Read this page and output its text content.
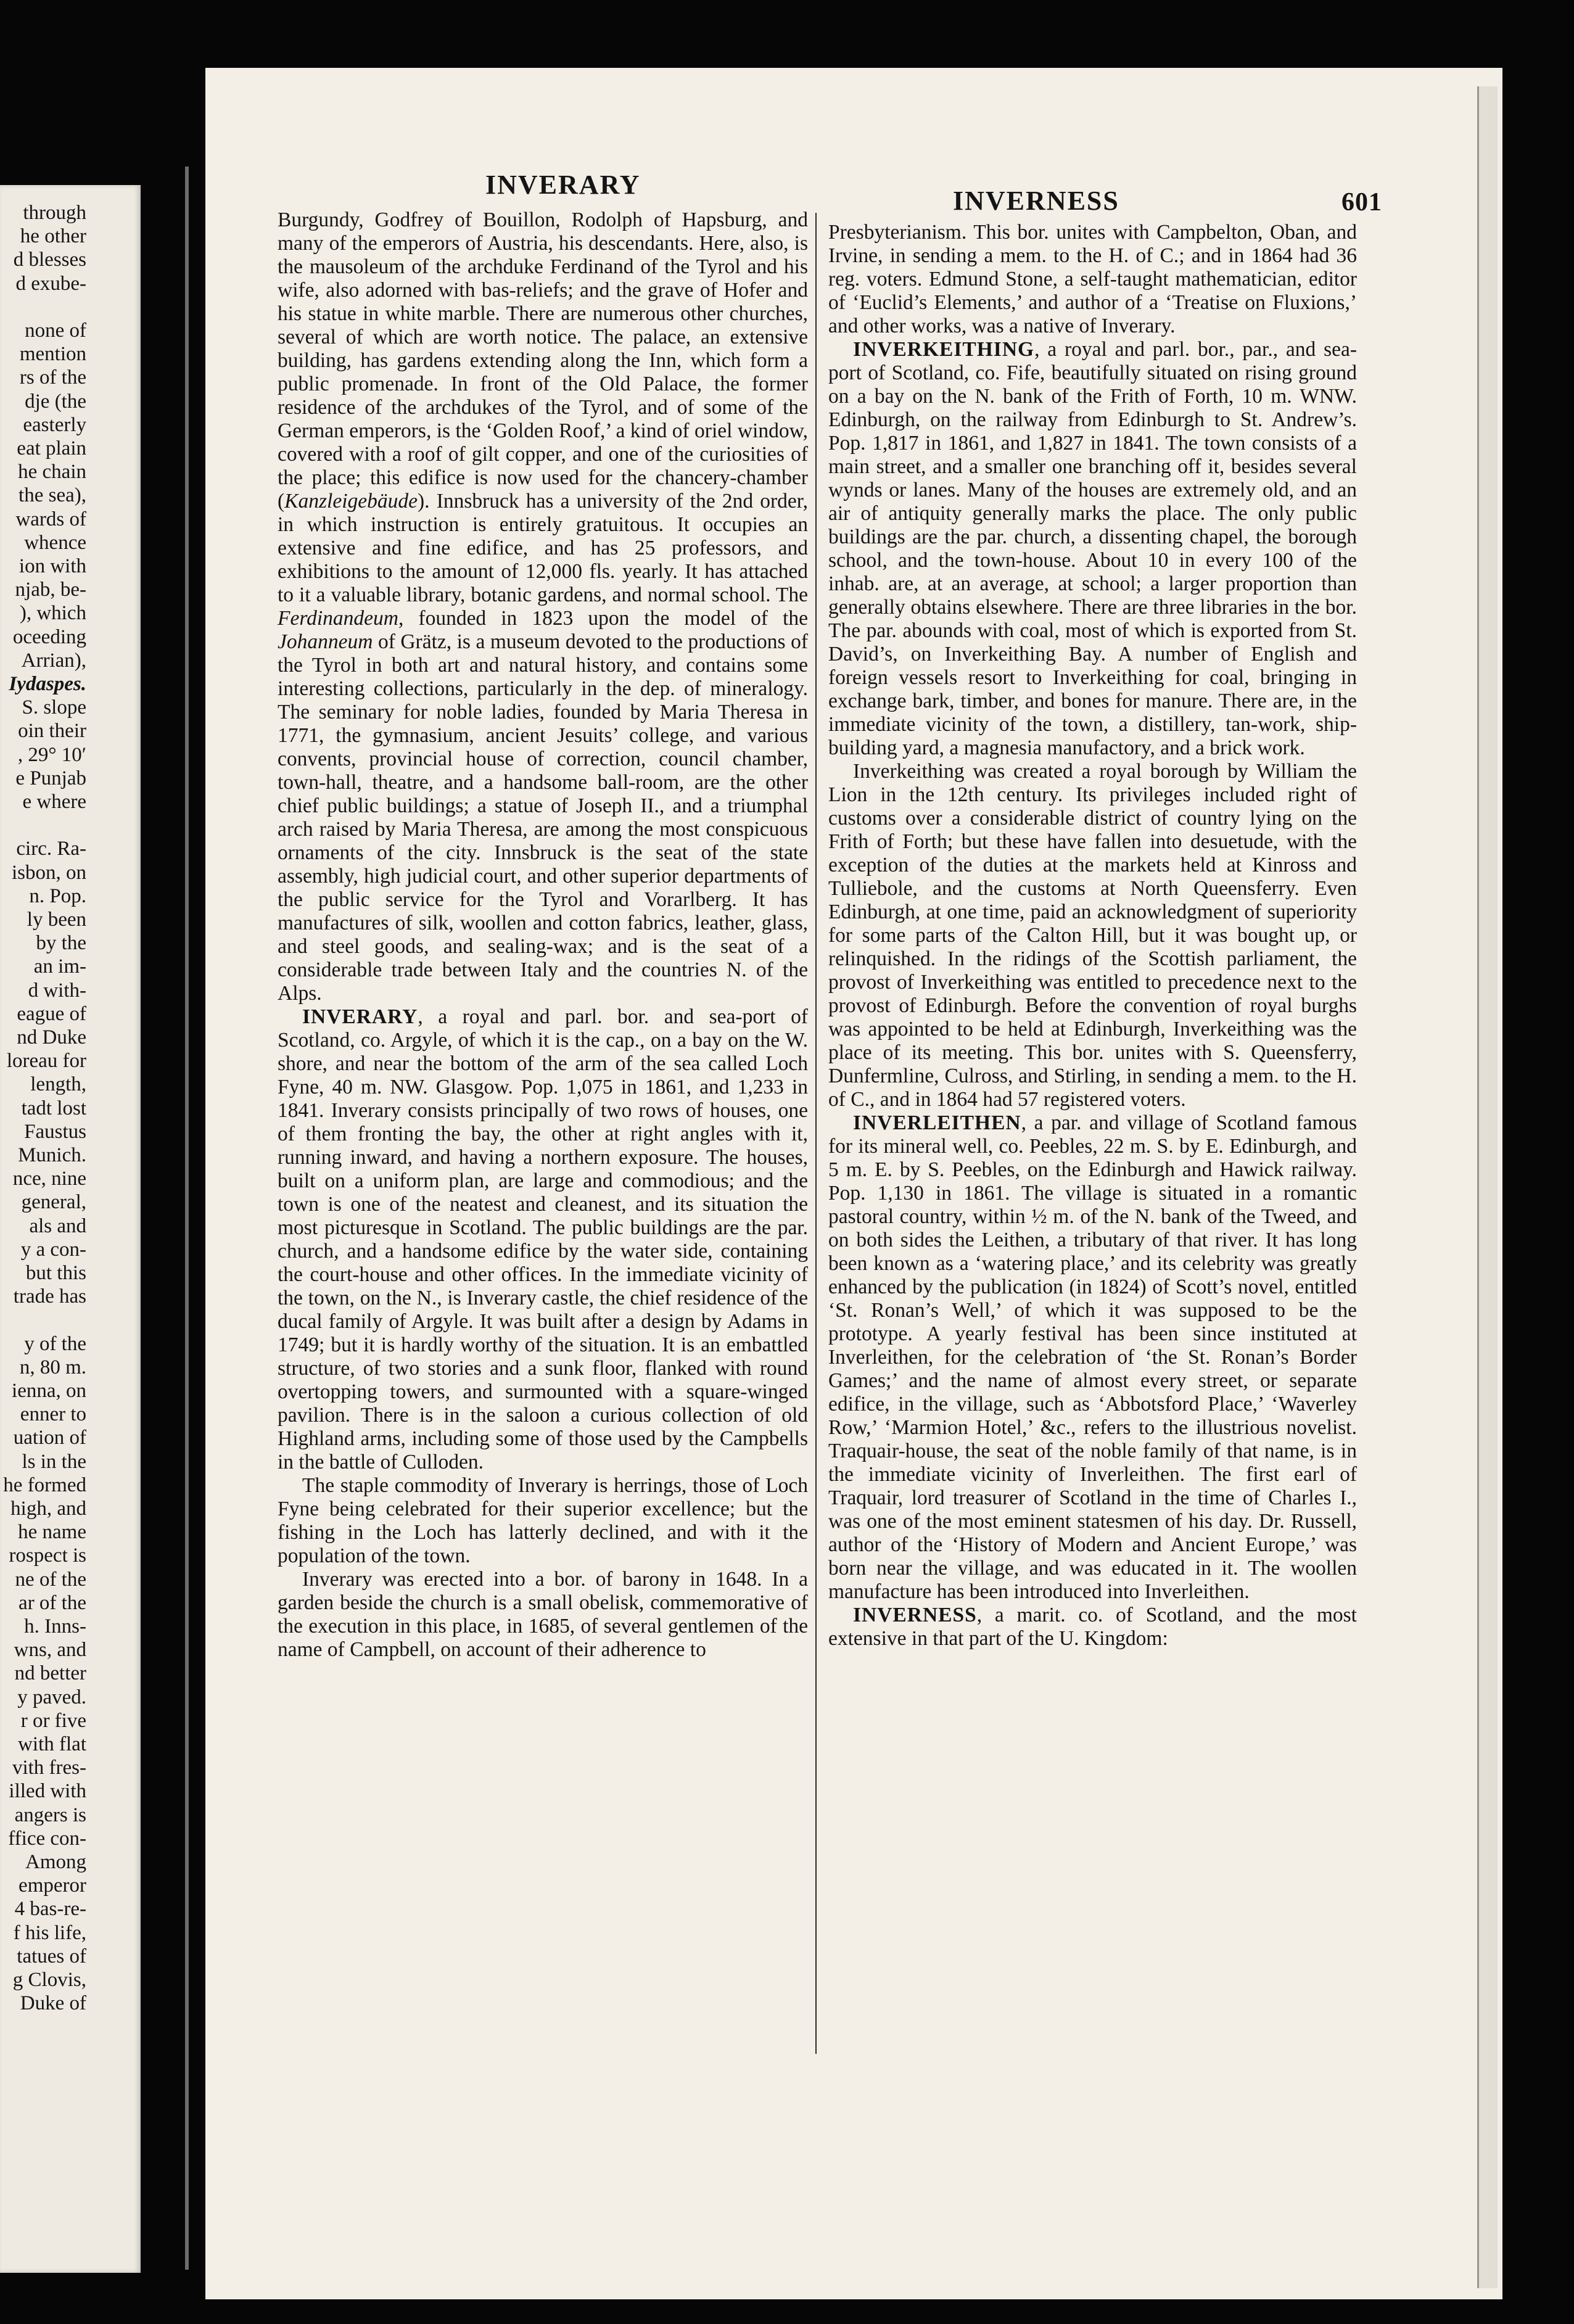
through
he other
d blesses
d exube-
none of
mention
rs of the
dje (the
easterly
eat plain
he chain
the sea),
wards of
whence
ion with
njab, be-
), which
oceeding
Arrian),
Iydaspes.
S. slope
oin their
, 29° 10′
e Punjab
e where
circ. Ra-
isbon, on
n. Pop.
ly been
by the
an im-
d with-
eague of
nd Duke
loreau for
length,
tadt lost
Faustus
Munich.
nce, nine
general,
als and
y a con-
but this
trade has
y of the
n, 80 m.
ienna, on
enner to
uation of
ls in the
he formed
high, and
he name
rospect is
ne of the
ar of the
h. Inns-
wns, and
nd better
y paved.
r or five
with flat
vith fres-
illed with
angers is
ffice con-
Among
emperor
4 bas-re-
f his life,
tatues of
g Clovis,
Duke of
INVERARY
INVERNESS	601

Burgundy, Godfrey of Bouillon, Rodolph of Hapsburg, and many of the emperors of Austria, his descendants. Here, also, is the mausoleum of the archduke Ferdinand of the Tyrol and his wife, also adorned with bas-reliefs; and the grave of Hofer and his statue in white marble. There are numerous other churches, several of which are worth notice. The palace, an extensive building, has gardens extending along the Inn, which form a public promenade. In front of the Old Palace, the former residence of the archdukes of the Tyrol, and of some of the German emperors, is the ‘Golden Roof,’ a kind of oriel window, covered with a roof of gilt copper, and one of the curiosities of the place; this edifice is now used for the chancery-chamber (Kanzleigebäude). Innsbruck has a university of the 2nd order, in which instruction is entirely gratuitous. It occupies an extensive and fine edifice, and has 25 professors, and exhibitions to the amount of 12,000 fls. yearly. It has attached to it a valuable library, botanic gardens, and normal school. The Ferdinandeum, founded in 1823 upon the model of the Johanneum of Grätz, is a museum devoted to the productions of the Tyrol in both art and natural history, and contains some interesting collections, particularly in the dep. of mineralogy. The seminary for noble ladies, founded by Maria Theresa in 1771, the gymnasium, ancient Jesuits’ college, and various convents, provincial house of correction, council chamber, town-hall, theatre, and a handsome ball-room, are the other chief public buildings; a statue of Joseph II., and a triumphal arch raised by Maria Theresa, are among the most conspicuous ornaments of the city. Innsbruck is the seat of the state assembly, high judicial court, and other superior departments of the public service for the Tyrol and Vorarlberg. It has manufactures of silk, woollen and cotton fabrics, leather, glass, and steel goods, and sealing-wax; and is the seat of a considerable trade between Italy and the countries N. of the Alps.

INVERARY, a royal and parl. bor. and sea-port of Scotland, co. Argyle, of which it is the cap., on a bay on the W. shore, and near the bottom of the arm of the sea called Loch Fyne, 40 m. NW. Glasgow. Pop. 1,075 in 1861, and 1,233 in 1841. Inverary consists principally of two rows of houses, one of them fronting the bay, the other at right angles with it, running inward, and having a northern exposure. The houses, built on a uniform plan, are large and commodious; and the town is one of the neatest and cleanest, and its situation the most picturesque in Scotland. The public buildings are the par. church, and a handsome edifice by the water side, containing the court-house and other offices. In the immediate vicinity of the town, on the N., is Inverary castle, the chief residence of the ducal family of Argyle. It was built after a design by Adams in 1749; but it is hardly worthy of the situation. It is an embattled structure, of two stories and a sunk floor, flanked with round overtopping towers, and surmounted with a square-winged pavilion. There is in the saloon a curious collection of old Highland arms, including some of those used by the Campbells in the battle of Culloden.

The staple commodity of Inverary is herrings, those of Loch Fyne being celebrated for their superior excellence; but the fishing in the Loch has latterly declined, and with it the population of the town.

Inverary was erected into a bor. of barony in 1648. In a garden beside the church is a small obelisk, commemorative of the execution in this place, in 1685, of several gentlemen of the name of Campbell, on account of their adherence to

Presbyterianism. This bor. unites with Campbelton, Oban, and Irvine, in sending a mem. to the H. of C.; and in 1864 had 36 reg. voters. Edmund Stone, a self-taught mathematician, editor of ‘Euclid’s Elements,’ and author of a ‘Treatise on Fluxions,’ and other works, was a native of Inverary.

INVERKEITHING, a royal and parl. bor., par., and sea-port of Scotland, co. Fife, beautifully situated on rising ground on a bay on the N. bank of the Frith of Forth, 10 m. WNW. Edinburgh, on the railway from Edinburgh to St. Andrew’s. Pop. 1,817 in 1861, and 1,827 in 1841. The town consists of a main street, and a smaller one branching off it, besides several wynds or lanes. Many of the houses are extremely old, and an air of antiquity generally marks the place. The only public buildings are the par. church, a dissenting chapel, the borough school, and the town-house. About 10 in every 100 of the inhab. are, at an average, at school; a larger proportion than generally obtains elsewhere. There are three libraries in the bor. The par. abounds with coal, most of which is exported from St. David’s, on Inverkeithing Bay. A number of English and foreign vessels resort to Inverkeithing for coal, bringing in exchange bark, timber, and bones for manure. There are, in the immediate vicinity of the town, a distillery, tan-work, ship-building yard, a magnesia manufactory, and a brick work.

Inverkeithing was created a royal borough by William the Lion in the 12th century. Its privileges included right of customs over a considerable district of country lying on the Frith of Forth; but these have fallen into desuetude, with the exception of the duties at the markets held at Kinross and Tulliebole, and the customs at North Queensferry. Even Edinburgh, at one time, paid an acknowledgment of superiority for some parts of the Calton Hill, but it was bought up, or relinquished. In the ridings of the Scottish parliament, the provost of Inverkeithing was entitled to precedence next to the provost of Edinburgh. Before the convention of royal burghs was appointed to be held at Edinburgh, Inverkeithing was the place of its meeting. This bor. unites with S. Queensferry, Dunfermline, Culross, and Stirling, in sending a mem. to the H. of C., and in 1864 had 57 registered voters.

INVERLEITHEN, a par. and village of Scotland famous for its mineral well, co. Peebles, 22 m. S. by E. Edinburgh, and 5 m. E. by S. Peebles, on the Edinburgh and Hawick railway. Pop. 1,130 in 1861. The village is situated in a romantic pastoral country, within ½ m. of the N. bank of the Tweed, and on both sides the Leithen, a tributary of that river. It has long been known as a ‘watering place,’ and its celebrity was greatly enhanced by the publication (in 1824) of Scott’s novel, entitled ‘St. Ronan’s Well,’ of which it was supposed to be the prototype. A yearly festival has been since instituted at Inverleithen, for the celebration of ‘the St. Ronan’s Border Games;’ and the name of almost every street, or separate edifice, in the village, such as ‘Abbotsford Place,’ ‘Waverley Row,’ ‘Marmion Hotel,’ &c., refers to the illustrious novelist. Traquair-house, the seat of the noble family of that name, is in the immediate vicinity of Inverleithen. The first earl of Traquair, lord treasurer of Scotland in the time of Charles I., was one of the most eminent statesmen of his day. Dr. Russell, author of the ‘History of Modern and Ancient Europe,’ was born near the village, and was educated in it. The woollen manufacture has been introduced into Inverleithen.

INVERNESS, a marit. co. of Scotland, and the most extensive in that part of the U. Kingdom:
